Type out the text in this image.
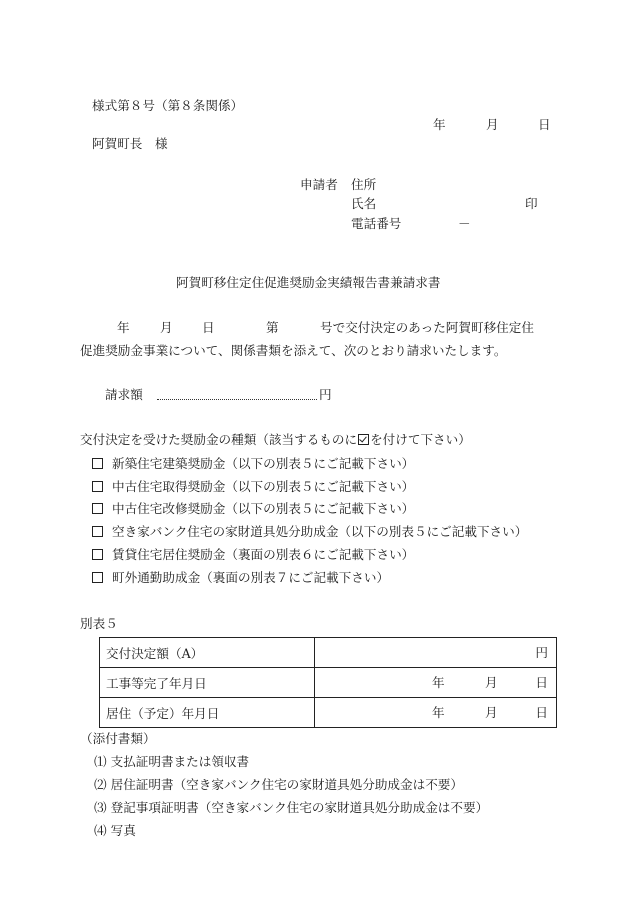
様式第８号（第８条関係）
年	月	日
阿賀町長　様
申請者 住所
氏名	印
電話番号	－
阿賀町移住定住促進奨励金実績報告書兼請求書
年 月 日	第	号で交付決定のあった阿賀町移住定住
促進奨励金事業について、関係書類を添えて、次のとおり請求いたします。
請求額	円
交付決定を受けた奨励金の種類（該当するものに を付けて下さい）
新築住宅建築奨励金（以下の別表５にご記載下さい）
中古住宅取得奨励金（以下の別表５にご記載下さい）
中古住宅改修奨励金（以下の別表５にご記載下さい）
空き家バンク住宅の家財道具処分助成金（以下の別表５にご記載下さい）
賃貸住宅居住奨励金（裏面の別表６にご記載下さい）
町外通勤助成金（裏面の別表７にご記載下さい）
別表５
交付決定額（A）	円

工事等完了年月日	年 月 日

居住（予定）年月日	年 月 日
（添付書類）
⑴ 支払証明書または領収書
⑵ 居住証明書（空き家バンク住宅の家財道具処分助成金は不要）
⑶ 登記事項証明書（空き家バンク住宅の家財道具処分助成金は不要）
⑷ 写真
